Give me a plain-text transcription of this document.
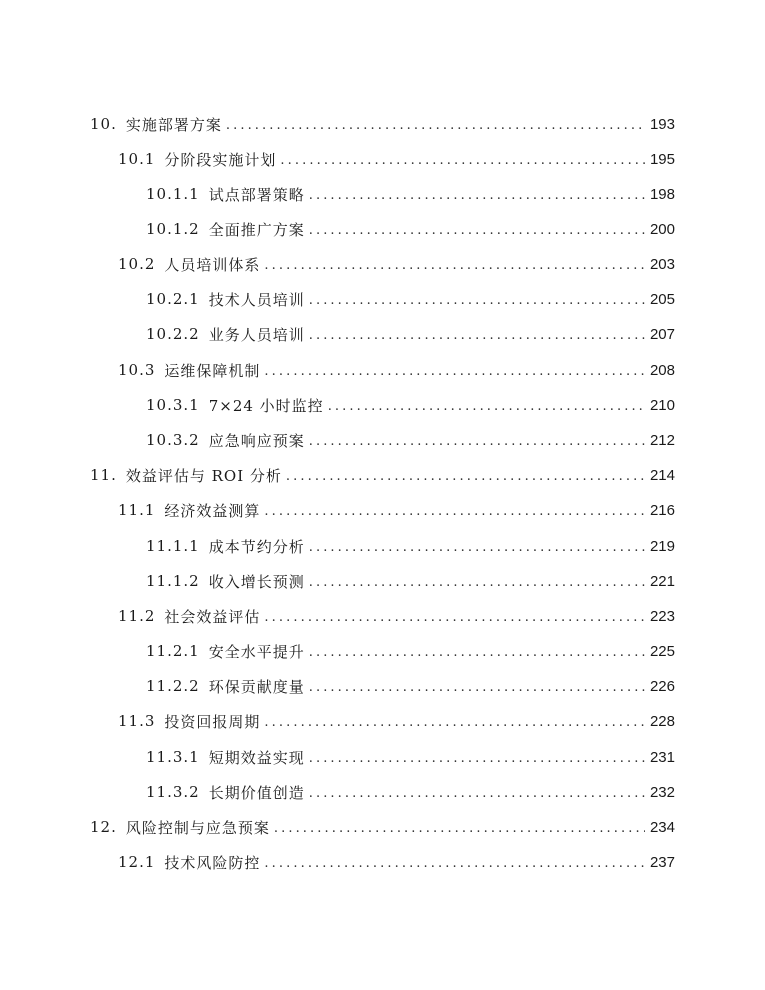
10. 实施部署方案 .....	193
10.1 分阶段实施计划 .....	195
10.1.1 试点部署策略 .....	198
10.1.2 全面推广方案 .....	200
10.2 人员培训体系 .....	203
10.2.1 技术人员培训 .....	205
10.2.2 业务人员培训 .....	207
10.3 运维保障机制 .....	208
10.3.1 7×24 小时监控 .....	210
10.3.2 应急响应预案 .....	212
11. 效益评估与 ROI 分析 .....	214
11.1 经济效益测算 .....	216
11.1.1 成本节约分析 .....	219
11.1.2 收入增长预测 .....	221
11.2 社会效益评估 .....	223
11.2.1 安全水平提升 .....	225
11.2.2 环保贡献度量 .....	226
11.3 投资回报周期 .....	228
11.3.1 短期效益实现 .....	231
11.3.2 长期价值创造 .....	232
12. 风险控制与应急预案 .....	234
12.1 技术风险防控 .....	237
